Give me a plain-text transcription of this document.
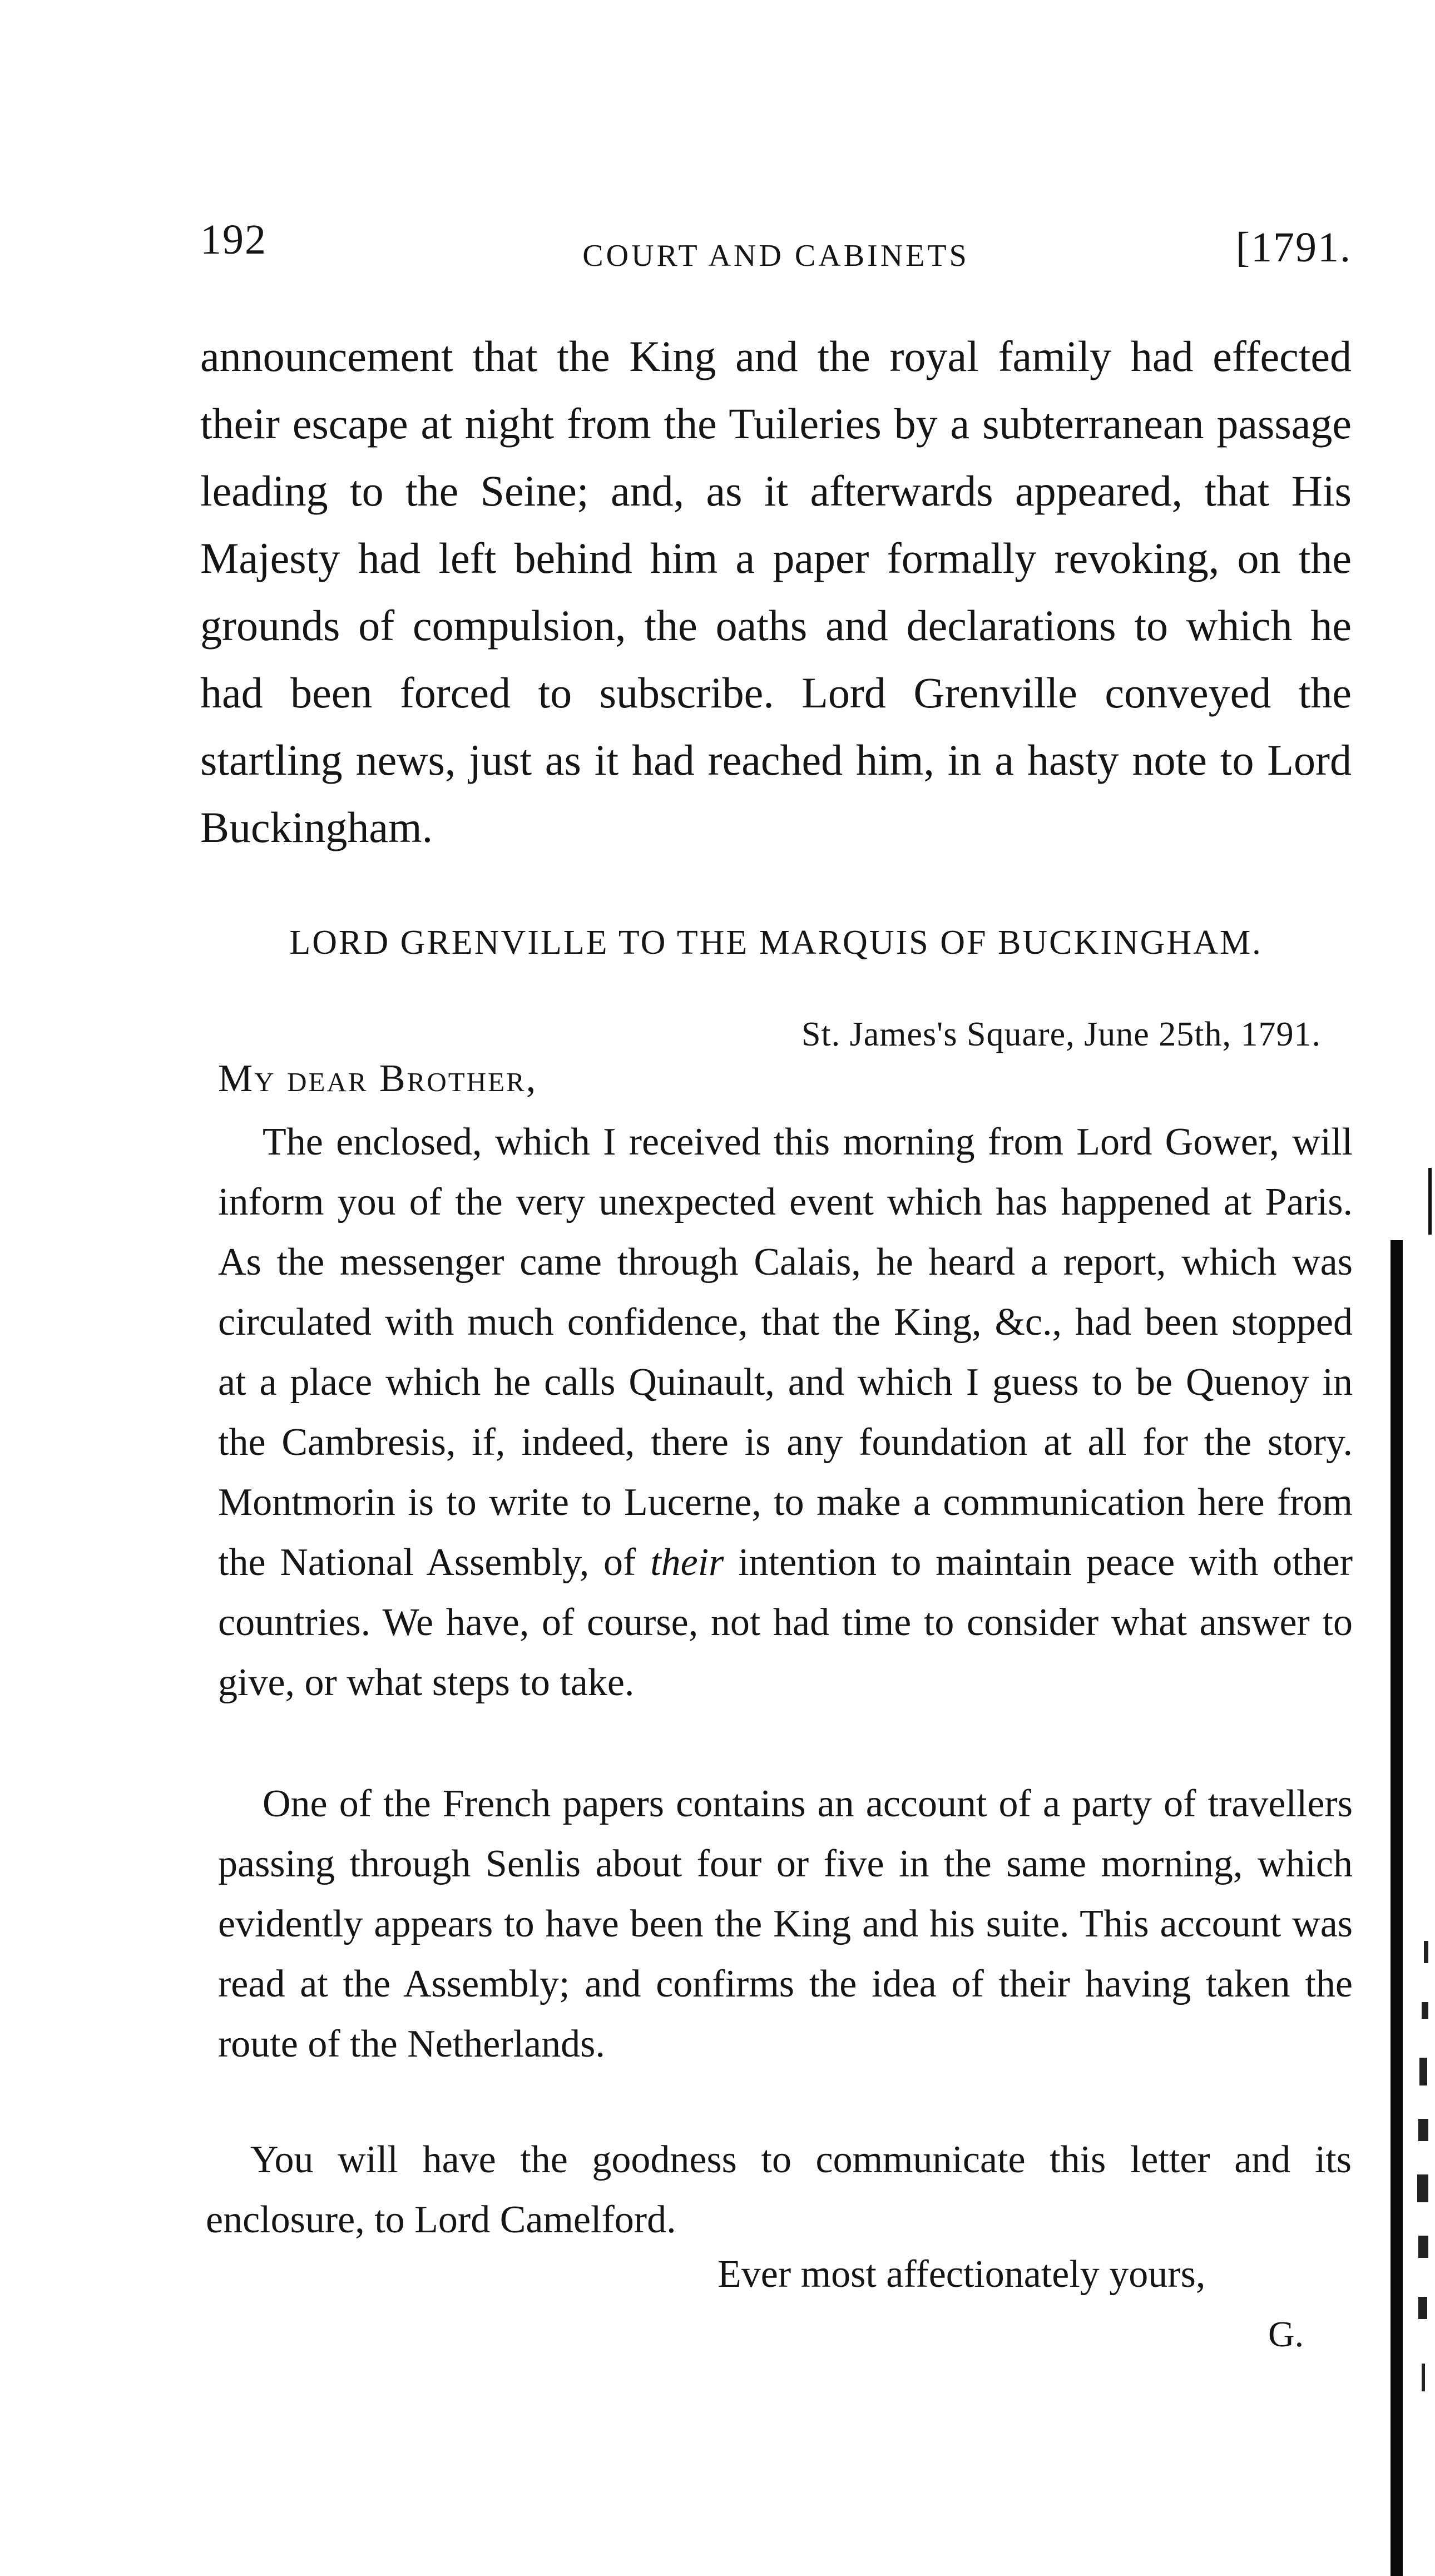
192	COURT AND CABINETS	[1791.
announcement that the King and the royal family had effected their escape at night from the Tuileries by a subterranean passage leading to the Seine; and, as it afterwards appeared, that His Majesty had left behind him a paper formally revoking, on the grounds of compulsion, the oaths and declarations to which he had been forced to subscribe. Lord Grenville conveyed the startling news, just as it had reached him, in a hasty note to Lord Buckingham.
LORD GRENVILLE TO THE MARQUIS OF BUCKINGHAM.
St. James's Square, June 25th, 1791.
My dear Brother,
The enclosed, which I received this morning from Lord Gower, will inform you of the very unexpected event which has happened at Paris. As the messenger came through Calais, he heard a report, which was circulated with much confidence, that the King, &c., had been stopped at a place which he calls Quinault, and which I guess to be Quenoy in the Cambresis, if, indeed, there is any foundation at all for the story. Montmorin is to write to Lucerne, to make a communication here from the National Assembly, of their intention to maintain peace with other countries. We have, of course, not had time to consider what answer to give, or what steps to take.
One of the French papers contains an account of a party of travellers passing through Senlis about four or five in the same morning, which evidently appears to have been the King and his suite. This account was read at the Assembly; and confirms the idea of their having taken the route of the Netherlands.
You will have the goodness to communicate this letter and its enclosure, to Lord Camelford.
Ever most affectionately yours,
G.
